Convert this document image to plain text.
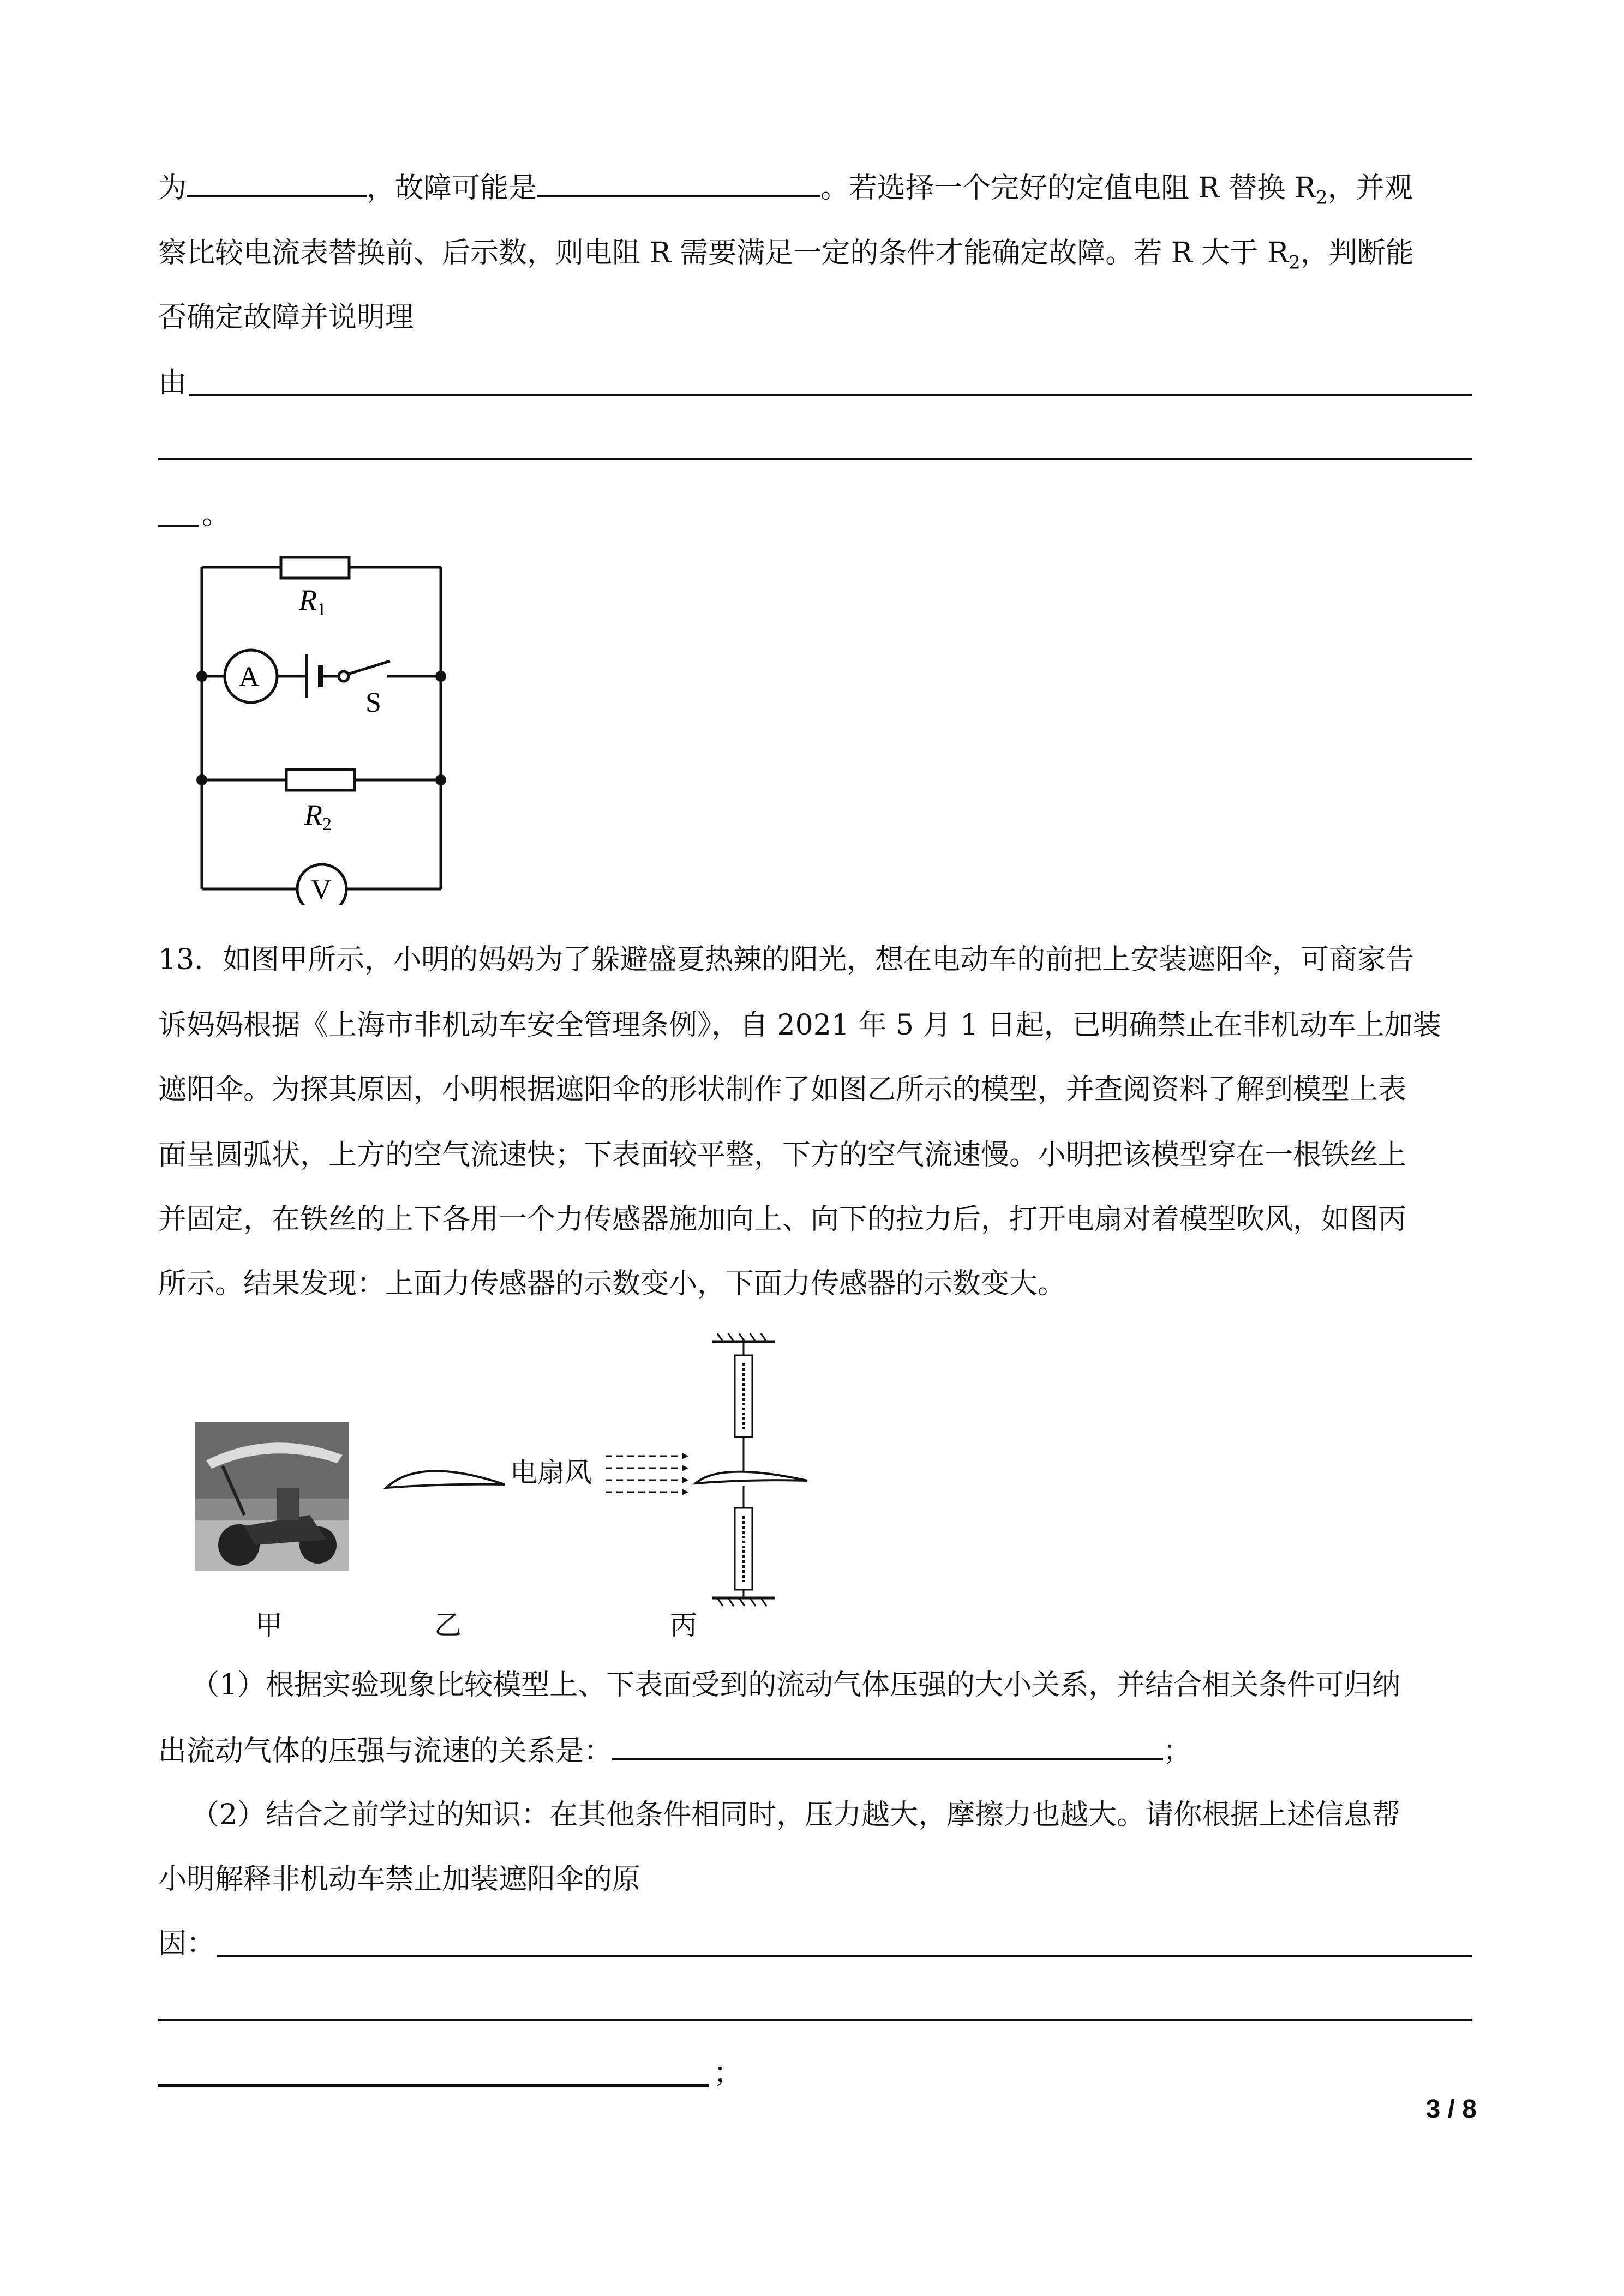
为	，故障可能是	。若选择一个完好的定值电阻 R 替换 $R_2$，并观
察比较电流表替换前、后示数，则电阻 R 需要满足一定的条件才能确定故障。若 R 大于 $R_2$，判断能
否确定故障并说明理
由
。
R1
A
S
R2
V
13．如图甲所示，小明的妈妈为了躲避盛夏热辣的阳光，想在电动车的前把上安装遮阳伞，可商家告
诉妈妈根据《上海市非机动车安全管理条例》，自 2021 年 5 月 1 日起，已明确禁止在非机动车上加装
遮阳伞。为探其原因，小明根据遮阳伞的形状制作了如图乙所示的模型，并查阅资料了解到模型上表
面呈圆弧状，上方的空气流速快；下表面较平整，下方的空气流速慢。小明把该模型穿在一根铁丝上
并固定，在铁丝的上下各用一个力传感器施加向上、向下的拉力后，打开电扇对着模型吹风，如图丙
所示。结果发现：上面力传感器的示数变小，下面力传感器的示数变大。
电扇风
甲	乙	丙
（1）根据实验现象比较模型上、下表面受到的流动气体压强的大小关系，并结合相关条件可归纳
出流动气体的压强与流速的关系是：	；
（2）结合之前学过的知识：在其他条件相同时，压力越大，摩擦力也越大。请你根据上述信息帮
小明解释非机动车禁止加装遮阳伞的原
因：
；
3 / 8
